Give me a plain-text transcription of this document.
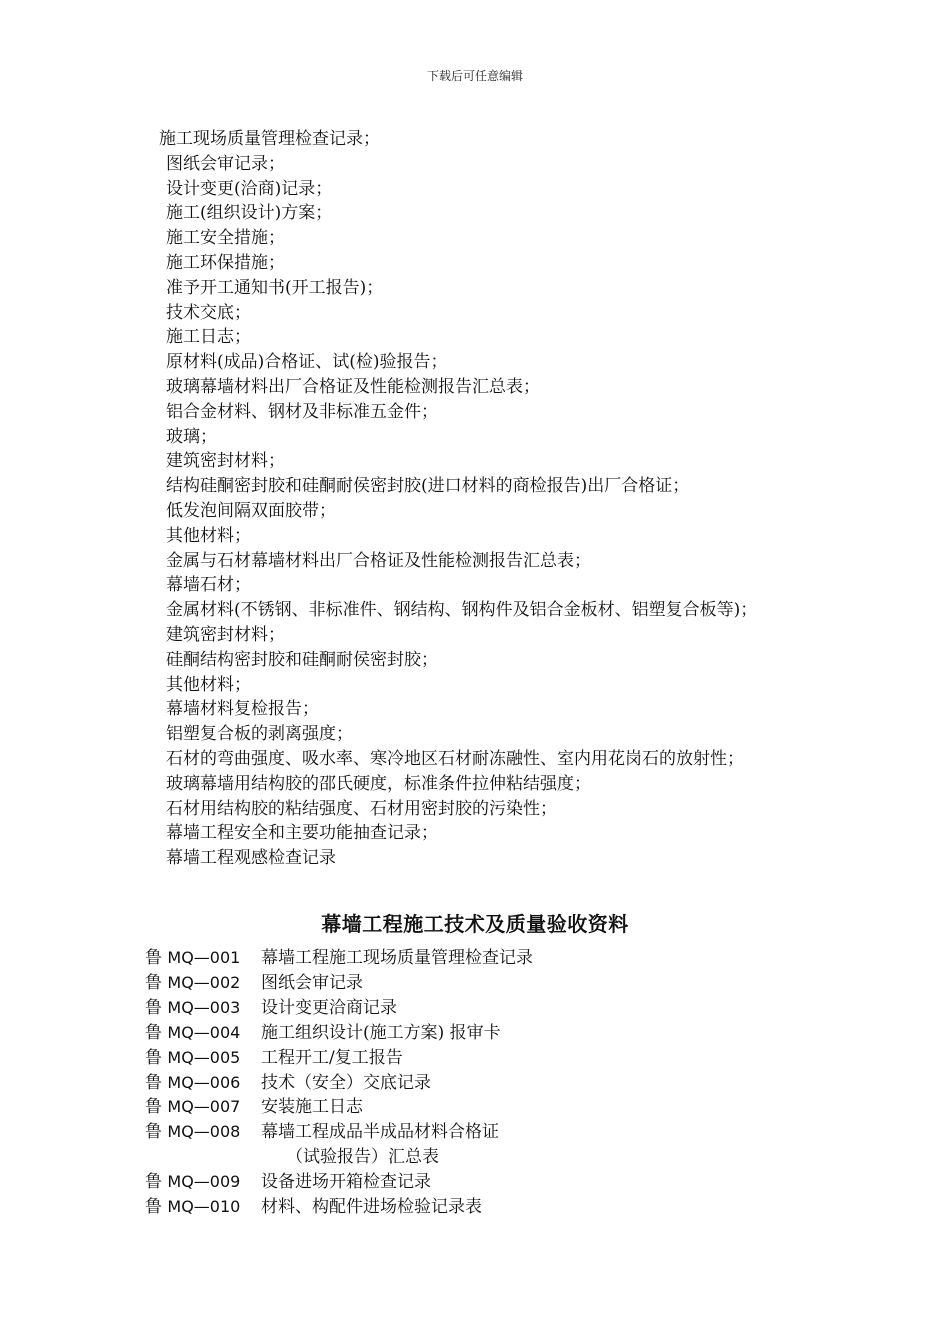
下载后可任意编辑
施工现场质量管理检查记录；
图纸会审记录；
设计变更(洽商)记录；
施工(组织设计)方案；
施工安全措施；
施工环保措施；
准予开工通知书(开工报告)；
技术交底；
施工日志；
原材料(成品)合格证、试(检)验报告；
玻璃幕墙材料出厂合格证及性能检测报告汇总表；
铝合金材料、钢材及非标准五金件；
玻璃；
建筑密封材料；
结构硅酮密封胶和硅酮耐侯密封胶(进口材料的商检报告)出厂合格证；
低发泡间隔双面胶带；
其他材料；
金属与石材幕墙材料出厂合格证及性能检测报告汇总表；
幕墙石材；
金属材料(不锈钢、非标准件、钢结构、钢构件及铝合金板材、铝塑复合板等)；
建筑密封材料；
硅酮结构密封胶和硅酮耐侯密封胶；
其他材料；
幕墙材料复检报告；
铝塑复合板的剥离强度；
石材的弯曲强度、吸水率、寒冷地区石材耐冻融性、室内用花岗石的放射性；
玻璃幕墙用结构胶的邵氏硬度，标准条件拉伸粘结强度；
石材用结构胶的粘结强度、石材用密封胶的污染性；
幕墙工程安全和主要功能抽查记录；
幕墙工程观感检查记录
幕墙工程施工技术及质量验收资料
鲁 MQ—001	幕墙工程施工现场质量管理检查记录
鲁 MQ—002	图纸会审记录
鲁 MQ—003	设计变更洽商记录
鲁 MQ—004	施工组织设计(施工方案) 报审卡
鲁 MQ—005	工程开工/复工报告
鲁 MQ—006	技术（安全）交底记录
鲁 MQ—007	安装施工日志
鲁 MQ—008	幕墙工程成品半成品材料合格证
（试验报告）汇总表
鲁 MQ—009	设备进场开箱检查记录
鲁 MQ—010	材料、构配件进场检验记录表
